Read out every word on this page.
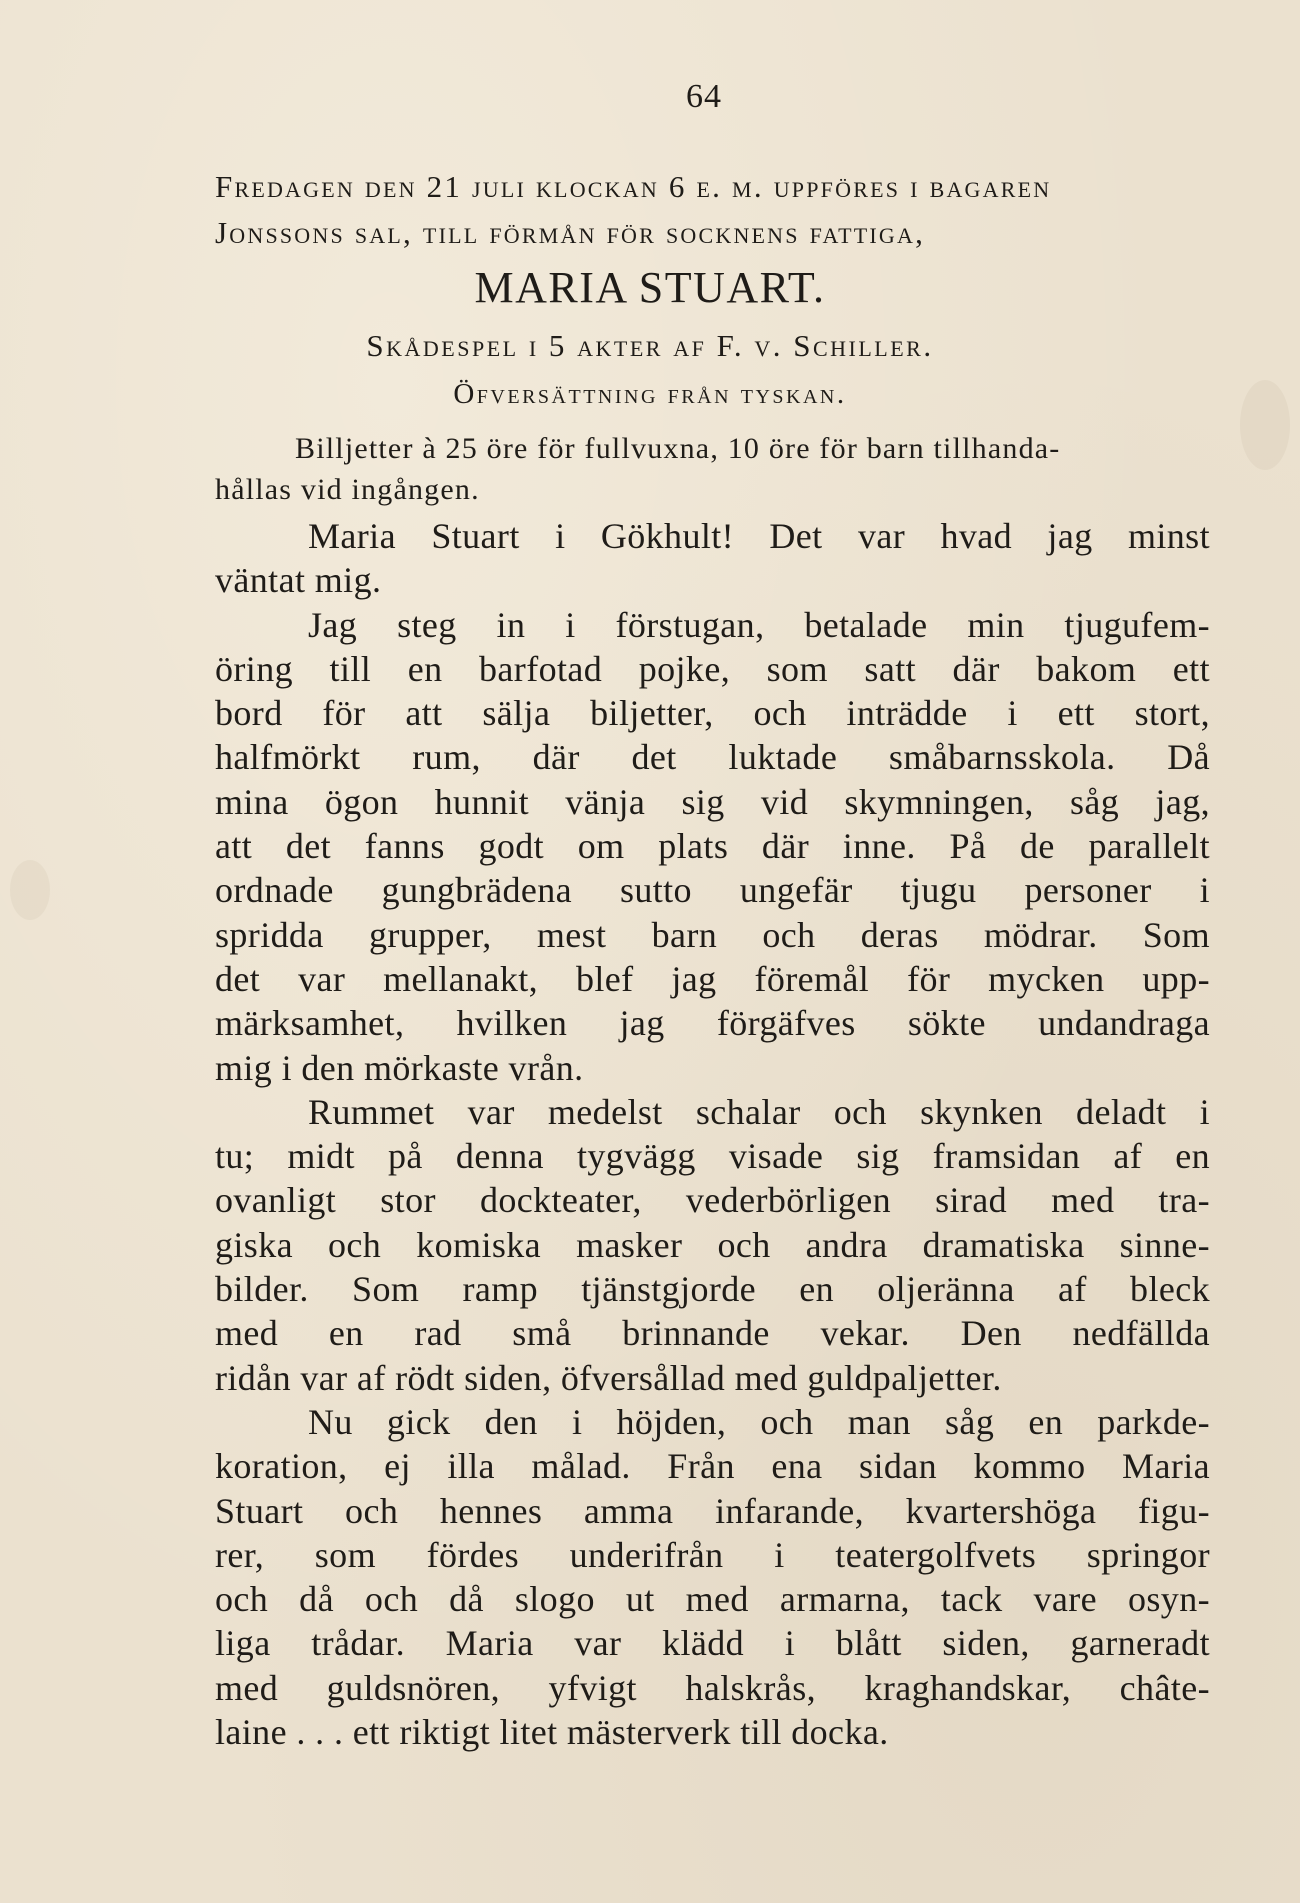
64
Fredagen den 21 juli klockan 6 e. m. uppföres i bagaren
Jonssons sal, till förmån för socknens fattiga,
MARIA STUART.
Skådespel i 5 akter af F. v. Schiller.
Öfversättning från tyskan.
Billjetter à 25 öre för fullvuxna, 10 öre för barn tillhanda-
hållas vid ingången.
Maria Stuart i Gökhult! Det var hvad jag minst
väntat mig.
Jag steg in i förstugan, betalade min tjugufem-
öring till en barfotad pojke, som satt där bakom ett
bord för att sälja biljetter, och inträdde i ett stort,
halfmörkt rum, där det luktade småbarnsskola. Då
mina ögon hunnit vänja sig vid skymningen, såg jag,
att det fanns godt om plats där inne. På de parallelt
ordnade gungbrädena sutto ungefär tjugu personer i
spridda grupper, mest barn och deras mödrar. Som
det var mellanakt, blef jag föremål för mycken upp-
märksamhet, hvilken jag förgäfves sökte undandraga
mig i den mörkaste vrån.
Rummet var medelst schalar och skynken deladt i
tu; midt på denna tygvägg visade sig framsidan af en
ovanligt stor dockteater, vederbörligen sirad med tra-
giska och komiska masker och andra dramatiska sinne-
bilder. Som ramp tjänstgjorde en oljeränna af bleck
med en rad små brinnande vekar. Den nedfällda
ridån var af rödt siden, öfversållad med guldpaljetter.
Nu gick den i höjden, och man såg en parkde-
koration, ej illa målad. Från ena sidan kommo Maria
Stuart och hennes amma infarande, kvartershöga figu-
rer, som fördes underifrån i teatergolfvets springor
och då och då slogo ut med armarna, tack vare osyn-
liga trådar. Maria var klädd i blått siden, garneradt
med guldsnören, yfvigt halskrås, kraghandskar, châte-
laine . . . ett riktigt litet mästerverk till docka.
